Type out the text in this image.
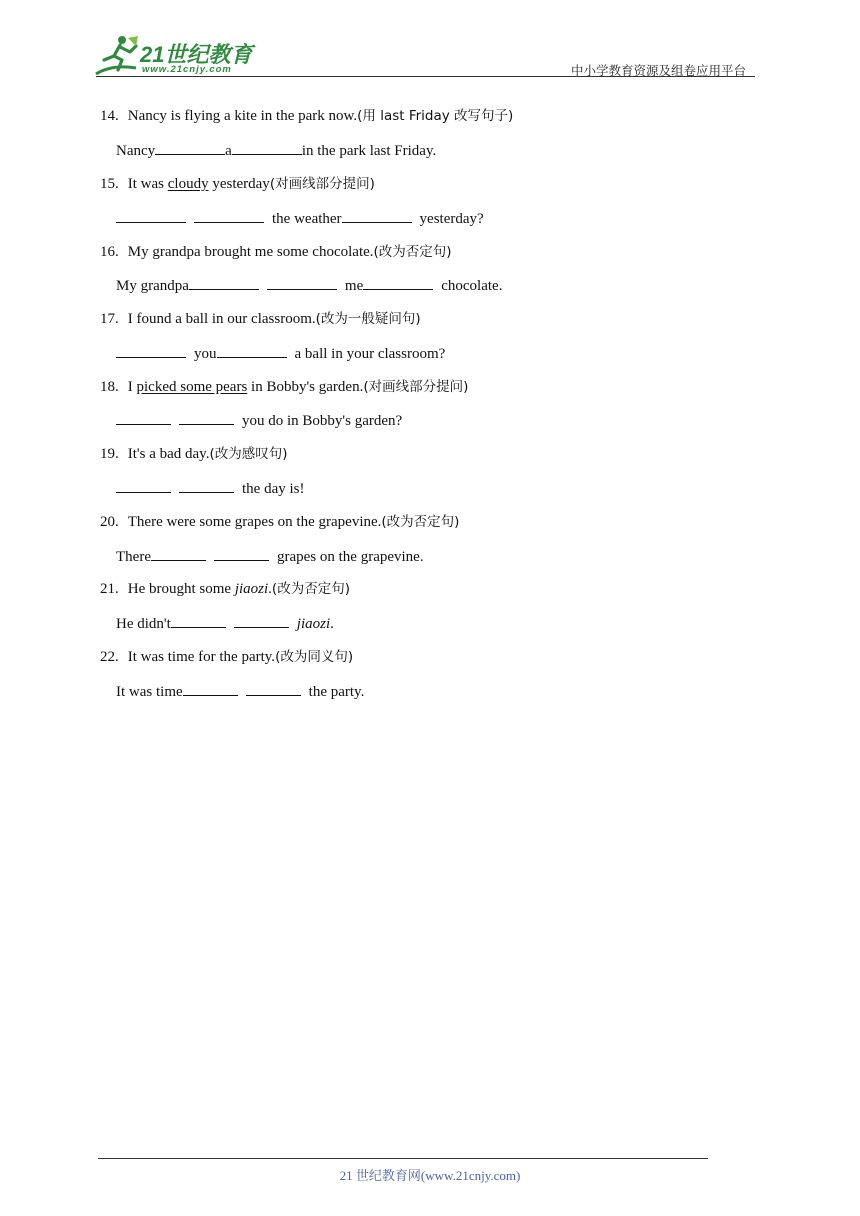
21世纪教育
www.21cnjy.com	中小学教育资源及组卷应用平台
14. Nancy is flying a kite in the park now.(用 last Friday 改写句子)
Nancy	a	in the park last Friday.
15. It was cloudy yesterday(对画线部分提问)
the weather	yesterday?
16. My grandpa brought me some chocolate.(改为否定句)
My grandpa	me	chocolate.
17. I found a ball in our classroom.(改为一般疑问句)
you	a ball in your classroom?
18. I picked some pears in Bobby's garden.(对画线部分提问)
you do in Bobby's garden?
19. It's a bad day.(改为感叹句)
the day is!
20. There were some grapes on the grapevine.(改为否定句)
There	grapes on the grapevine.
21. He brought some jiaozi.(改为否定句)
He didn't	jiaozi.
22. It was time for the party.(改为同义句)
It was time	the party.
21 世纪教育网(www.21cnjy.com)
